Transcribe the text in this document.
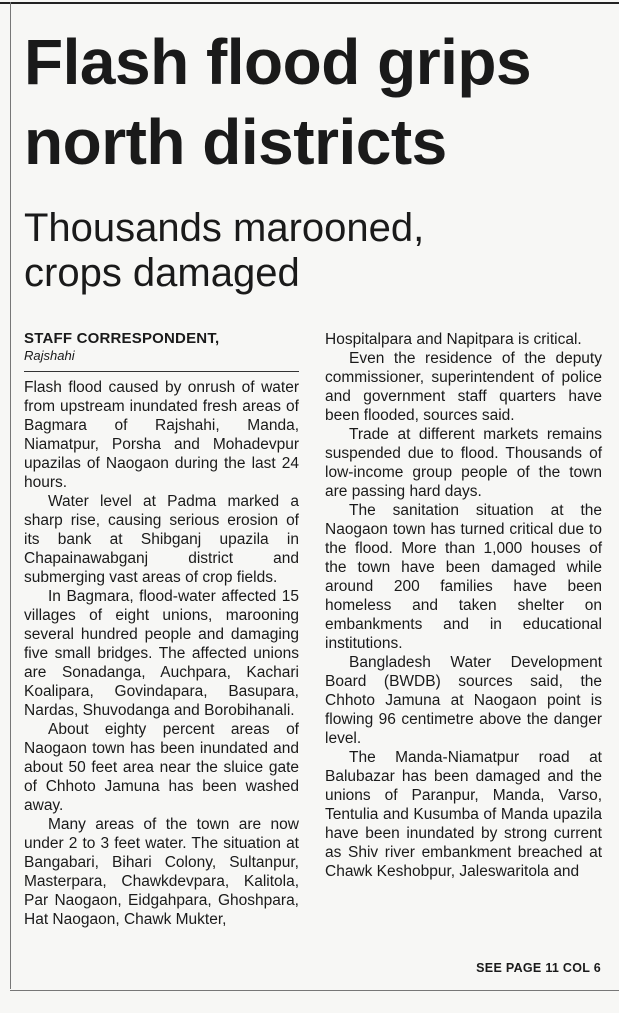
Flash flood grips
north districts
Thousands marooned,
crops damaged
STAFF CORRESPONDENT,
Rajshahi

Flash flood caused by onrush of water from upstream inundated fresh areas of Bagmara of Rajshahi, Manda, Niamatpur, Porsha and Mohadevpur upazilas of Naogaon during the last 24 hours.

Water level at Padma marked a sharp rise, causing serious erosion of its bank at Shibganj upazila in Chapainawabganj district and submerging vast areas of crop fields.

In Bagmara, flood-water affected 15 villages of eight unions, marooning several hundred people and damaging five small bridges. The affected unions are Sonadanga, Auchpara, Kachari Koalipara, Govindapara, Basupara, Nardas, Shuvodanga and Borobihanali.

About eighty percent areas of Naogaon town has been inundated and about 50 feet area near the sluice gate of Chhoto Jamuna has been washed away.

Many areas of the town are now under 2 to 3 feet water. The situation at Bangabari, Bihari Colony, Sultanpur, Masterpara, Chawkdevpara, Kalitola, Par Naogaon, Eidgahpara, Ghoshpara, Hat Naogaon, Chawk Mukter,

Hospitalpara and Napitpara is critical.

Even the residence of the deputy commissioner, superintendent of police and government staff quarters have been flooded, sources said.

Trade at different markets remains suspended due to flood. Thousands of low-income group people of the town are passing hard days.

The sanitation situation at the Naogaon town has turned critical due to the flood. More than 1,000 houses of the town have been damaged while around 200 families have been homeless and taken shelter on embankments and in educational institutions.

Bangladesh Water Development Board (BWDB) sources said, the Chhoto Jamuna at Naogaon point is flowing 96 centimetre above the danger level.

The Manda-Niamatpur road at Balubazar has been damaged and the unions of Paranpur, Manda, Varso, Tentulia and Kusumba of Manda upazila have been inundated by strong current as Shiv river embankment breached at Chawk Keshobpur, Jaleswaritola and

SEE PAGE 11 COL 6
